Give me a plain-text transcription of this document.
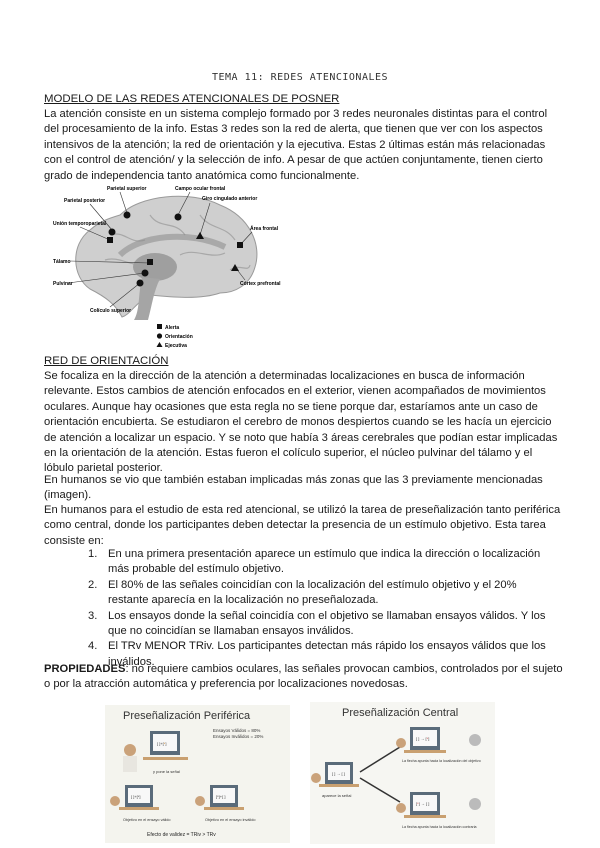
TEMA 11: REDES ATENCIONALES
MODELO DE LAS REDES ATENCIONALES DE POSNER

La atención consiste en un sistema complejo formado por 3 redes neuronales distintas para el control del procesamiento de la info. Estas 3 redes son la red de alerta, que tienen que ver con los aspectos intensivos de la atención; la red de orientación y la ejecutiva. Estas 2 últimas están más relacionadas con el control de atención/ y la selección de info. A pesar de que actúen conjuntamente, tienen cierto grado de independencia tanto anatómica como funcionalmente.

Parietal posterior
Parietal superior	Campo ocular frontal
Giro cingulado anterior
Unión temporoparietal
Área frontal
Tálamo
Pulvinar	Córtex prefrontal
Colículo superior
Alerta
Orientación
Ejecutiva
RED DE ORIENTACIÓN

Se focaliza en la dirección de la atención a determinadas localizaciones en busca de información relevante. Estos cambios de atención enfocados en el exterior, vienen acompañados de movimientos oculares. Aunque hay ocasiones que esta regla no se tiene porque dar, estaríamos ante un caso de orientación encubierta. Se estudiaron el cerebro de monos despiertos cuando se les hacía un ejercicio de atención a localizar un espacio. Y se noto que había 3 áreas cerebrales que podían estar implicadas en la orientación de la atención. Estas fueron el colículo superior, el núcleo pulvinar del tálamo y el lóbulo parietal posterior.

En humanos se vio que también estaban implicadas más zonas que las 3 previamente mencionadas (imagen).

En humanos para el estudio de esta red atencional, se utilizó la tarea de preseñalización tanto periférica como central, donde los participantes deben detectar la presencia de un estímulo objetivo. Esta tarea consiste en:

1. En una primera presentación aparece un estímulo que indica la dirección o localización más probable del estímulo objetivo.
2. El 80% de las señales coincidían con la localización del estímulo objetivo y el 20% restante aparecía en la localización no preseñalozada.
3. Los ensayos donde la señal coincidía con el objetivo se llamaban ensayos válidos. Y los que no coincidían se llamaban ensayos inválidos.
4. El TRv MENOR TRiv. Los participantes detectan más rápido los ensayos válidos que los inválidos.

PROPIEDADES: no requiere cambios oculares, las señales provocan cambios, controlados por el sujeto o por la atracción automática y preferencia por localizaciones novedosas.

Preseñalización Periférica
Ensayos Válidos = 80%
Ensayos Inválidos = 20%
[ ]+[*]
y pone la señal
[ ]+[*]	[*]+[ ]
Objetivo en el ensayo válido	Objetivo en el ensayo inválido
Efecto de validez = TRiv > TRv
Preseñalización Central
[ ] → [ ]
aparece la señal
[ ] → [*]
La flecha apunta hacia la localización del objetivo
[*] → [ ]
La flecha apunta hacia la localización contraria
